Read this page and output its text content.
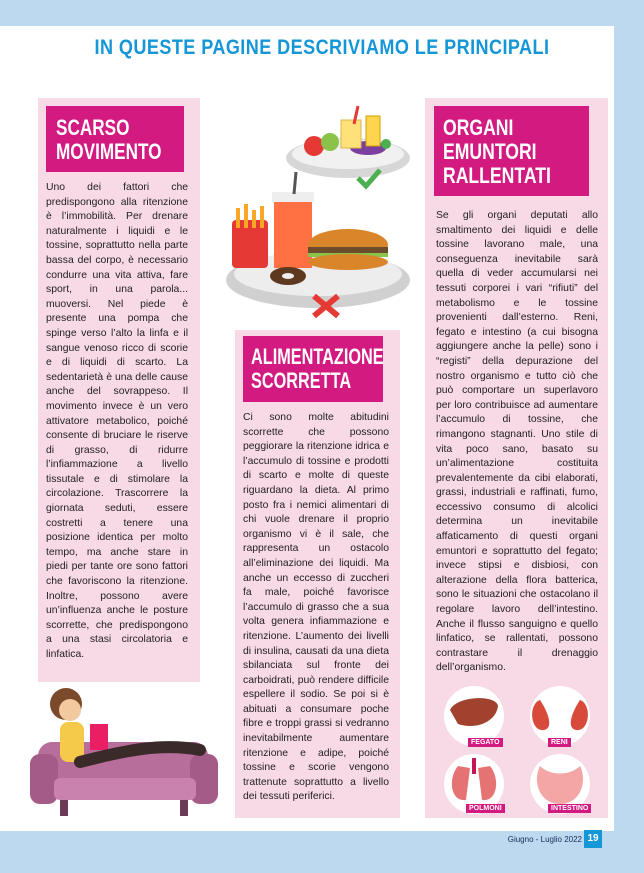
IN QUESTE PAGINE DESCRIVIAMO LE PRINCIPALI
SCARSO
MOVIMENTO
Uno dei fattori che predispongono alla ritenzione è l’immobilità. Per drenare naturalmente i liquidi e le tossine, soprattutto nella parte bassa del corpo, è necessario condurre una vita attiva, fare sport, in una parola... muoversi. Nel piede è presente una pompa che spinge verso l’alto la linfa e il sangue venoso ricco di scorie e di liquidi di scarto. La sedentarietà è una delle cause anche del sovrappeso. Il movimento invece è un vero attivatore metabolico, poiché consente di bruciare le riserve di grasso, di ridurre l’infiammazione a livello tissutale e di stimolare la circolazione. Trascorrere la giornata seduti, essere costretti a tenere una posizione identica per molto tempo, ma anche stare in piedi per tante ore sono fattori che favoriscono la ritenzione. Inoltre, possono avere un’influenza anche le posture scorrette, che predispongono a una stasi circolatoria e linfatica.
ALIMENTAZIONE
SCORRETTA
Ci sono molte abitudini scorrette che possono peggiorare la ritenzione idrica e l’accumulo di tossine e prodotti di scarto e molte di queste riguardano la dieta. Al primo posto fra i nemici alimentari di chi vuole drenare il proprio organismo vi è il sale, che rappresenta un ostacolo all’eliminazione dei liquidi. Ma anche un eccesso di zuccheri fa male, poiché favorisce l’accumulo di grasso che a sua volta genera infiammazione e ritenzione. L’aumento dei livelli di insulina, causati da una dieta sbilanciata sul fronte dei carboidrati, può rendere difficile espellere il sodio. Se poi si è abituati a consumare poche fibre e troppi grassi si vedranno inevitabilmente aumentare ritenzione e adipe, poiché tossine e scorie vengono trattenute soprattutto a livello dei tessuti periferici.
ORGANI
EMUNTORI
RALLENTATI
Se gli organi deputati allo smaltimento dei liquidi e delle tossine lavorano male, una conseguenza inevitabile sarà quella di veder accumularsi nei tessuti corporei i vari “rifiuti” del metabolismo e le tossine provenienti dall’esterno. Reni, fegato e intestino (a cui bisogna aggiungere anche la pelle) sono i “registi” della depurazione del nostro organismo e tutto ciò che può comportare un superlavoro per loro contribuisce ad aumentare l’accumulo di tossine, che rimangono stagnanti. Uno stile di vita poco sano, basato su un’alimentazione costituita prevalentemente da cibi elaborati, grassi, industriali e raffinati, fumo, eccessivo consumo di alcolici determina un inevitabile affaticamento di questi organi emuntori e soprattutto del fegato; invece stipsi e disbiosi, con alterazione della flora batterica, sono le situazioni che ostacolano il regolare lavoro dell’intestino. Anche il flusso sanguigno e quello linfatico, se rallentati, possono contrastare il drenaggio dell’organismo.
FEGATO	RENI
POLMONI	INTESTINO
Giugno - Luglio 2022 19
